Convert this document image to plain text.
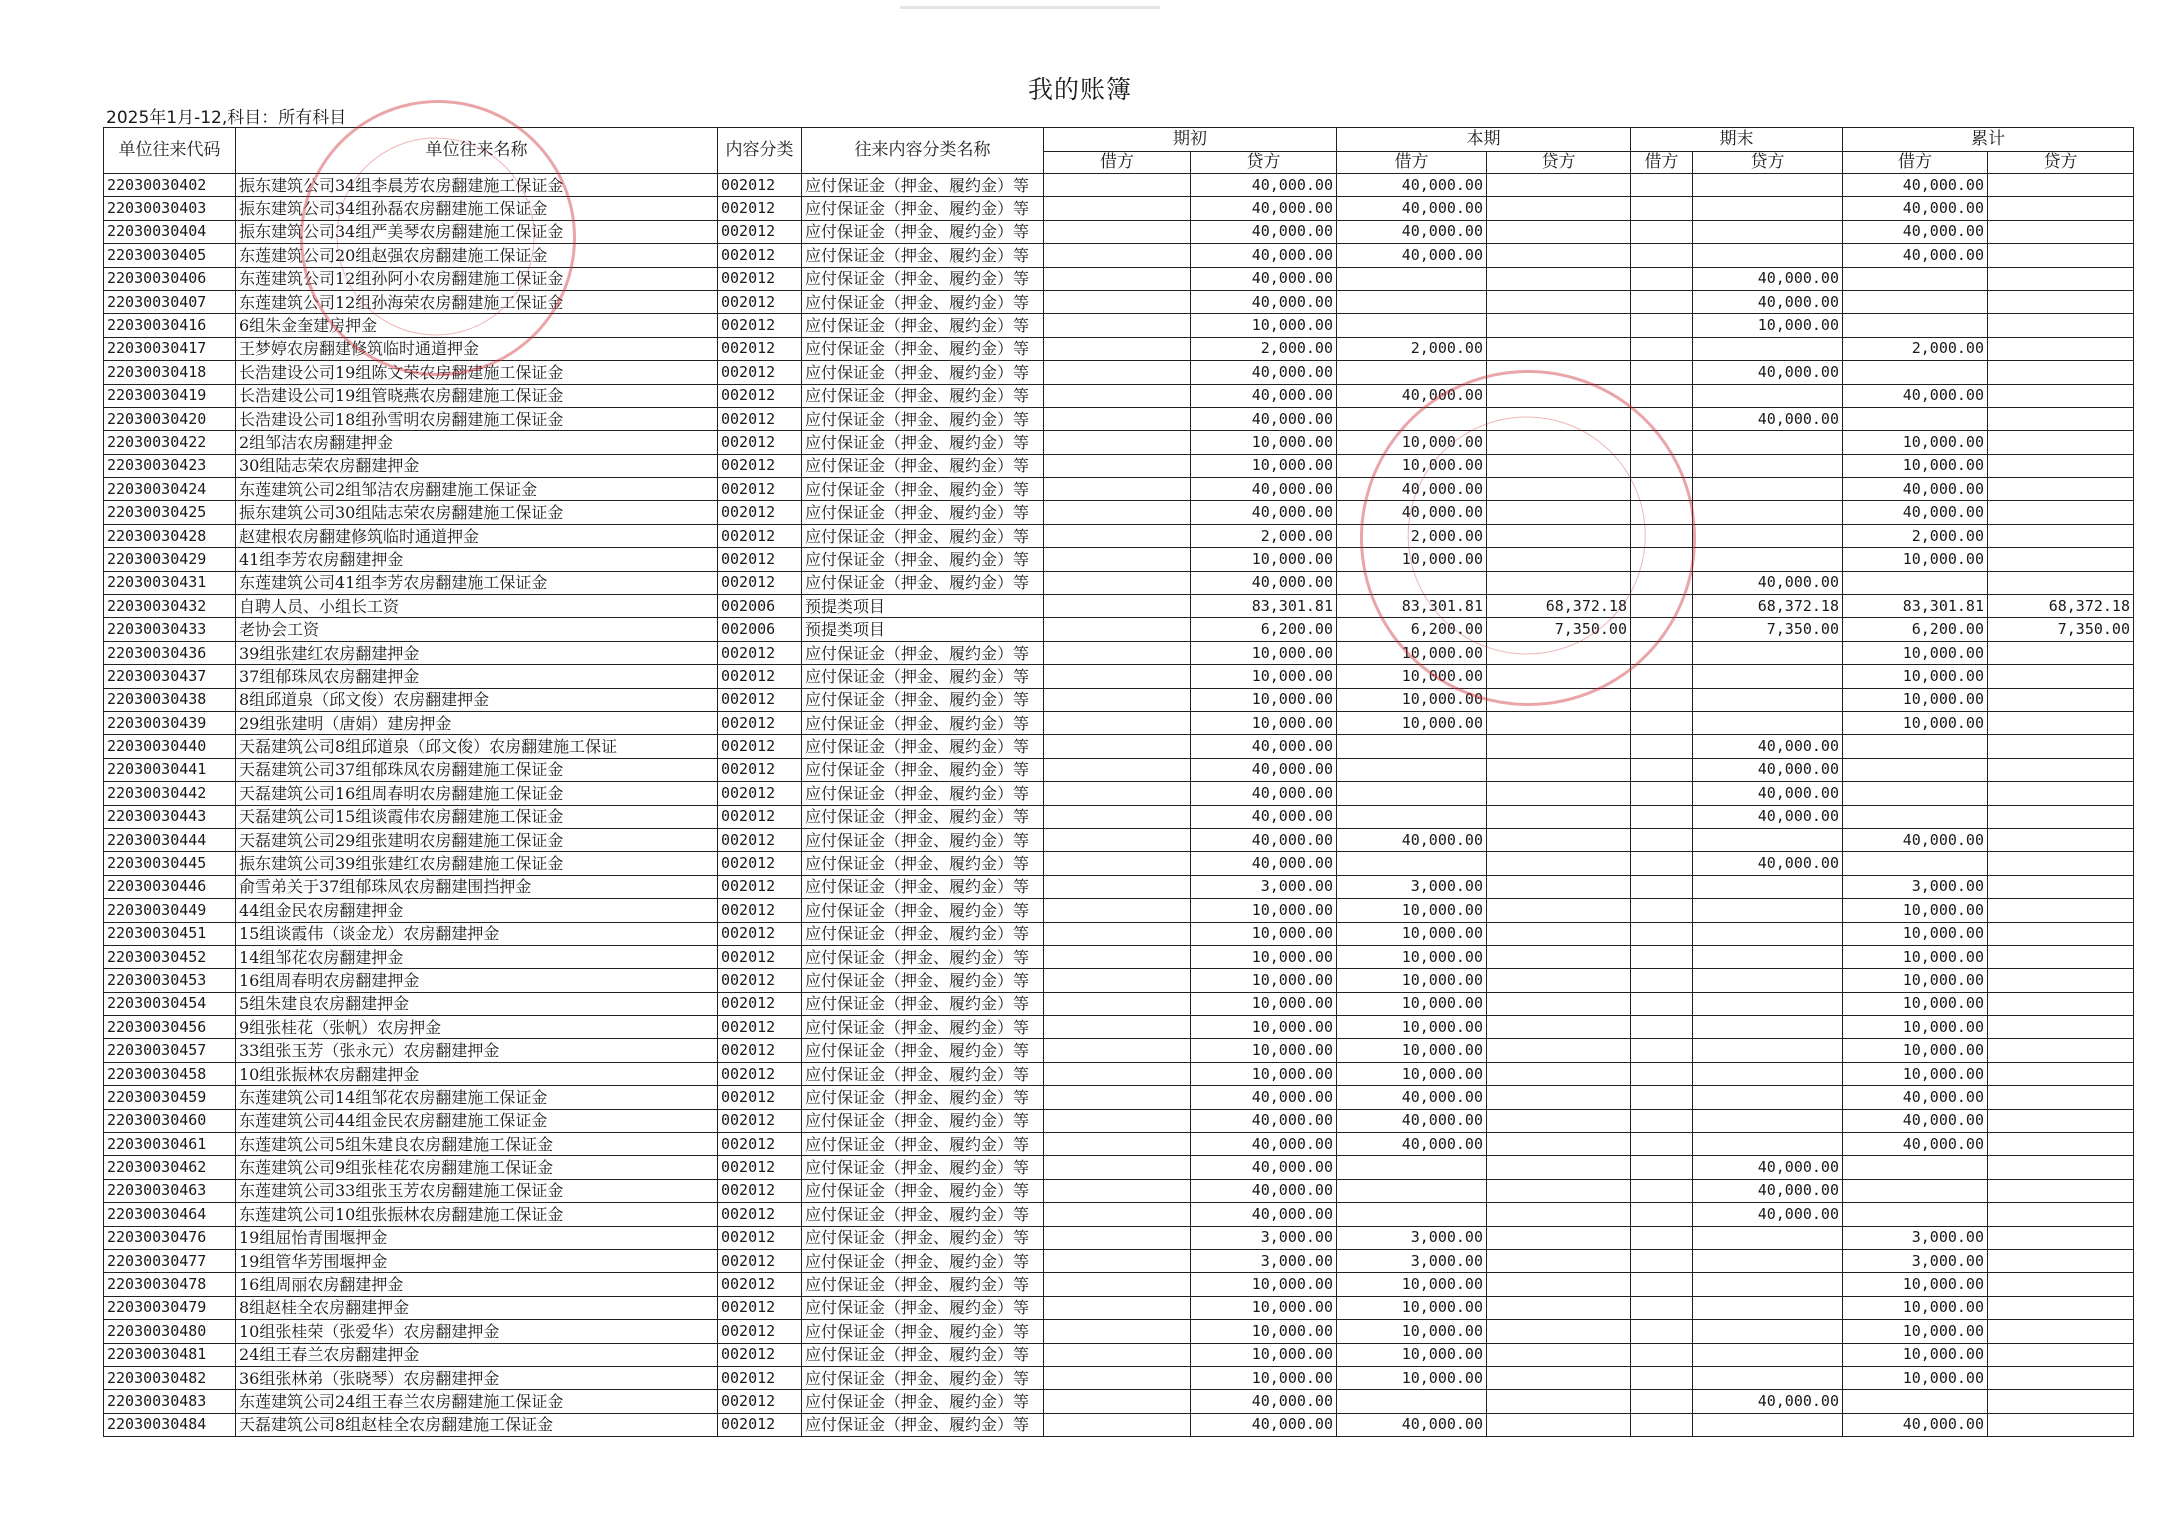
我的账簿
2025年1月-12,科目：所有科目
单位往来代码	单位往来名称	内容分类	往来内容分类名称	期初		本期		期末		累计	
				借方	贷方	借方	贷方	借方	贷方	借方	贷方
22030030402	振东建筑公司34组李晨芳农房翻建施工保证金	002012	应付保证金（押金、履约金）等		40,000.00	40,000.00				40,000.00	
22030030403	振东建筑公司34组孙磊农房翻建施工保证金	002012	应付保证金（押金、履约金）等		40,000.00	40,000.00				40,000.00	
22030030404	振东建筑公司34组严美琴农房翻建施工保证金	002012	应付保证金（押金、履约金）等		40,000.00	40,000.00				40,000.00	
22030030405	东莲建筑公司20组赵强农房翻建施工保证金	002012	应付保证金（押金、履约金）等		40,000.00	40,000.00				40,000.00	
22030030406	东莲建筑公司12组孙阿小农房翻建施工保证金	002012	应付保证金（押金、履约金）等		40,000.00				40,000.00		
22030030407	东莲建筑公司12组孙海荣农房翻建施工保证金	002012	应付保证金（押金、履约金）等		40,000.00				40,000.00		
22030030416	6组朱金奎建房押金	002012	应付保证金（押金、履约金）等		10,000.00				10,000.00		
22030030417	王梦婷农房翻建修筑临时通道押金	002012	应付保证金（押金、履约金）等		2,000.00	2,000.00				2,000.00	
22030030418	长浩建设公司19组陈文荣农房翻建施工保证金	002012	应付保证金（押金、履约金）等		40,000.00				40,000.00		
22030030419	长浩建设公司19组管晓燕农房翻建施工保证金	002012	应付保证金（押金、履约金）等		40,000.00	40,000.00				40,000.00	
22030030420	长浩建设公司18组孙雪明农房翻建施工保证金	002012	应付保证金（押金、履约金）等		40,000.00				40,000.00		
22030030422	2组邹洁农房翻建押金	002012	应付保证金（押金、履约金）等		10,000.00	10,000.00				10,000.00	
22030030423	30组陆志荣农房翻建押金	002012	应付保证金（押金、履约金）等		10,000.00	10,000.00				10,000.00	
22030030424	东莲建筑公司2组邹洁农房翻建施工保证金	002012	应付保证金（押金、履约金）等		40,000.00	40,000.00				40,000.00	
22030030425	振东建筑公司30组陆志荣农房翻建施工保证金	002012	应付保证金（押金、履约金）等		40,000.00	40,000.00				40,000.00	
22030030428	赵建根农房翻建修筑临时通道押金	002012	应付保证金（押金、履约金）等		2,000.00	2,000.00				2,000.00	
22030030429	41组李芳农房翻建押金	002012	应付保证金（押金、履约金）等		10,000.00	10,000.00				10,000.00	
22030030431	东莲建筑公司41组李芳农房翻建施工保证金	002012	应付保证金（押金、履约金）等		40,000.00				40,000.00		
22030030432	自聘人员、小组长工资	002006	预提类项目		83,301.81	83,301.81	68,372.18		68,372.18	83,301.81	68,372.18
22030030433	老协会工资	002006	预提类项目		6,200.00	6,200.00	7,350.00		7,350.00	6,200.00	7,350.00
22030030436	39组张建红农房翻建押金	002012	应付保证金（押金、履约金）等		10,000.00	10,000.00				10,000.00	
22030030437	37组郁珠凤农房翻建押金	002012	应付保证金（押金、履约金）等		10,000.00	10,000.00				10,000.00	
22030030438	8组邱道泉（邱文俊）农房翻建押金	002012	应付保证金（押金、履约金）等		10,000.00	10,000.00				10,000.00	
22030030439	29组张建明（唐娟）建房押金	002012	应付保证金（押金、履约金）等		10,000.00	10,000.00				10,000.00	
22030030440	天磊建筑公司8组邱道泉（邱文俊）农房翻建施工保证	002012	应付保证金（押金、履约金）等		40,000.00				40,000.00		
22030030441	天磊建筑公司37组郁珠凤农房翻建施工保证金	002012	应付保证金（押金、履约金）等		40,000.00				40,000.00		
22030030442	天磊建筑公司16组周春明农房翻建施工保证金	002012	应付保证金（押金、履约金）等		40,000.00				40,000.00		
22030030443	天磊建筑公司15组谈霞伟农房翻建施工保证金	002012	应付保证金（押金、履约金）等		40,000.00				40,000.00		
22030030444	天磊建筑公司29组张建明农房翻建施工保证金	002012	应付保证金（押金、履约金）等		40,000.00	40,000.00				40,000.00	
22030030445	振东建筑公司39组张建红农房翻建施工保证金	002012	应付保证金（押金、履约金）等		40,000.00				40,000.00		
22030030446	俞雪弟关于37组郁珠凤农房翻建围挡押金	002012	应付保证金（押金、履约金）等		3,000.00	3,000.00				3,000.00	
22030030449	44组金民农房翻建押金	002012	应付保证金（押金、履约金）等		10,000.00	10,000.00				10,000.00	
22030030451	15组谈霞伟（谈金龙）农房翻建押金	002012	应付保证金（押金、履约金）等		10,000.00	10,000.00				10,000.00	
22030030452	14组邹花农房翻建押金	002012	应付保证金（押金、履约金）等		10,000.00	10,000.00				10,000.00	
22030030453	16组周春明农房翻建押金	002012	应付保证金（押金、履约金）等		10,000.00	10,000.00				10,000.00	
22030030454	5组朱建良农房翻建押金	002012	应付保证金（押金、履约金）等		10,000.00	10,000.00				10,000.00	
22030030456	9组张桂花（张帆）农房押金	002012	应付保证金（押金、履约金）等		10,000.00	10,000.00				10,000.00	
22030030457	33组张玉芳（张永元）农房翻建押金	002012	应付保证金（押金、履约金）等		10,000.00	10,000.00				10,000.00	
22030030458	10组张振林农房翻建押金	002012	应付保证金（押金、履约金）等		10,000.00	10,000.00				10,000.00	
22030030459	东莲建筑公司14组邹花农房翻建施工保证金	002012	应付保证金（押金、履约金）等		40,000.00	40,000.00				40,000.00	
22030030460	东莲建筑公司44组金民农房翻建施工保证金	002012	应付保证金（押金、履约金）等		40,000.00	40,000.00				40,000.00	
22030030461	东莲建筑公司5组朱建良农房翻建施工保证金	002012	应付保证金（押金、履约金）等		40,000.00	40,000.00				40,000.00	
22030030462	东莲建筑公司9组张桂花农房翻建施工保证金	002012	应付保证金（押金、履约金）等		40,000.00				40,000.00		
22030030463	东莲建筑公司33组张玉芳农房翻建施工保证金	002012	应付保证金（押金、履约金）等		40,000.00				40,000.00		
22030030464	东莲建筑公司10组张振林农房翻建施工保证金	002012	应付保证金（押金、履约金）等		40,000.00				40,000.00		
22030030476	19组屈怡青围堰押金	002012	应付保证金（押金、履约金）等		3,000.00	3,000.00				3,000.00	
22030030477	19组管华芳围堰押金	002012	应付保证金（押金、履约金）等		3,000.00	3,000.00				3,000.00	
22030030478	16组周丽农房翻建押金	002012	应付保证金（押金、履约金）等		10,000.00	10,000.00				10,000.00	
22030030479	8组赵桂全农房翻建押金	002012	应付保证金（押金、履约金）等		10,000.00	10,000.00				10,000.00	
22030030480	10组张桂荣（张爱华）农房翻建押金	002012	应付保证金（押金、履约金）等		10,000.00	10,000.00				10,000.00	
22030030481	24组王春兰农房翻建押金	002012	应付保证金（押金、履约金）等		10,000.00	10,000.00				10,000.00	
22030030482	36组张林弟（张晓琴）农房翻建押金	002012	应付保证金（押金、履约金）等		10,000.00	10,000.00				10,000.00	
22030030483	东莲建筑公司24组王春兰农房翻建施工保证金	002012	应付保证金（押金、履约金）等		40,000.00				40,000.00		
22030030484	天磊建筑公司8组赵桂全农房翻建施工保证金	002012	应付保证金（押金、履约金）等		40,000.00	40,000.00				40,000.00	
